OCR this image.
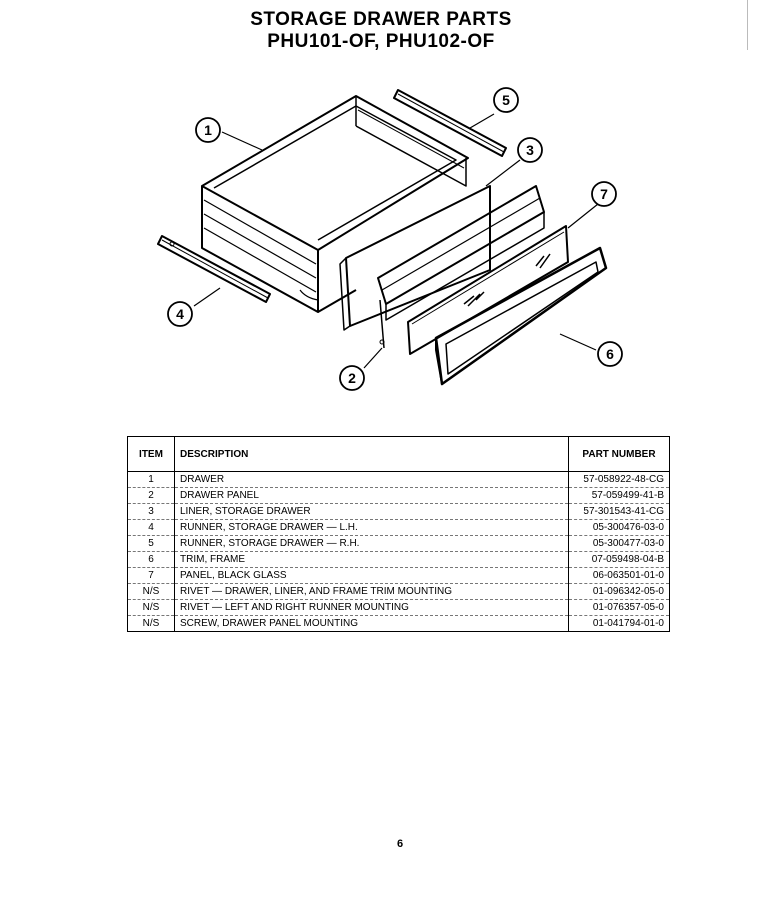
STORAGE DRAWER PARTS
PHU101-OF, PHU102-OF
1
2
3
4
5
6
7
ITEM	DESCRIPTION	PART NUMBER
1	DRAWER	57-058922-48-CG
2	DRAWER PANEL	57-059499-41-B
3	LINER, STORAGE DRAWER	57-301543-41-CG
4	RUNNER, STORAGE DRAWER — L.H.	05-300476-03-0
5	RUNNER, STORAGE DRAWER — R.H.	05-300477-03-0
6	TRIM, FRAME	07-059498-04-B
7	PANEL, BLACK GLASS	06-063501-01-0
N/S	RIVET — DRAWER, LINER, AND FRAME TRIM MOUNTING	01-096342-05-0
N/S	RIVET — LEFT AND RIGHT RUNNER MOUNTING	01-076357-05-0
N/S	SCREW, DRAWER PANEL MOUNTING	01-041794-01-0
6
